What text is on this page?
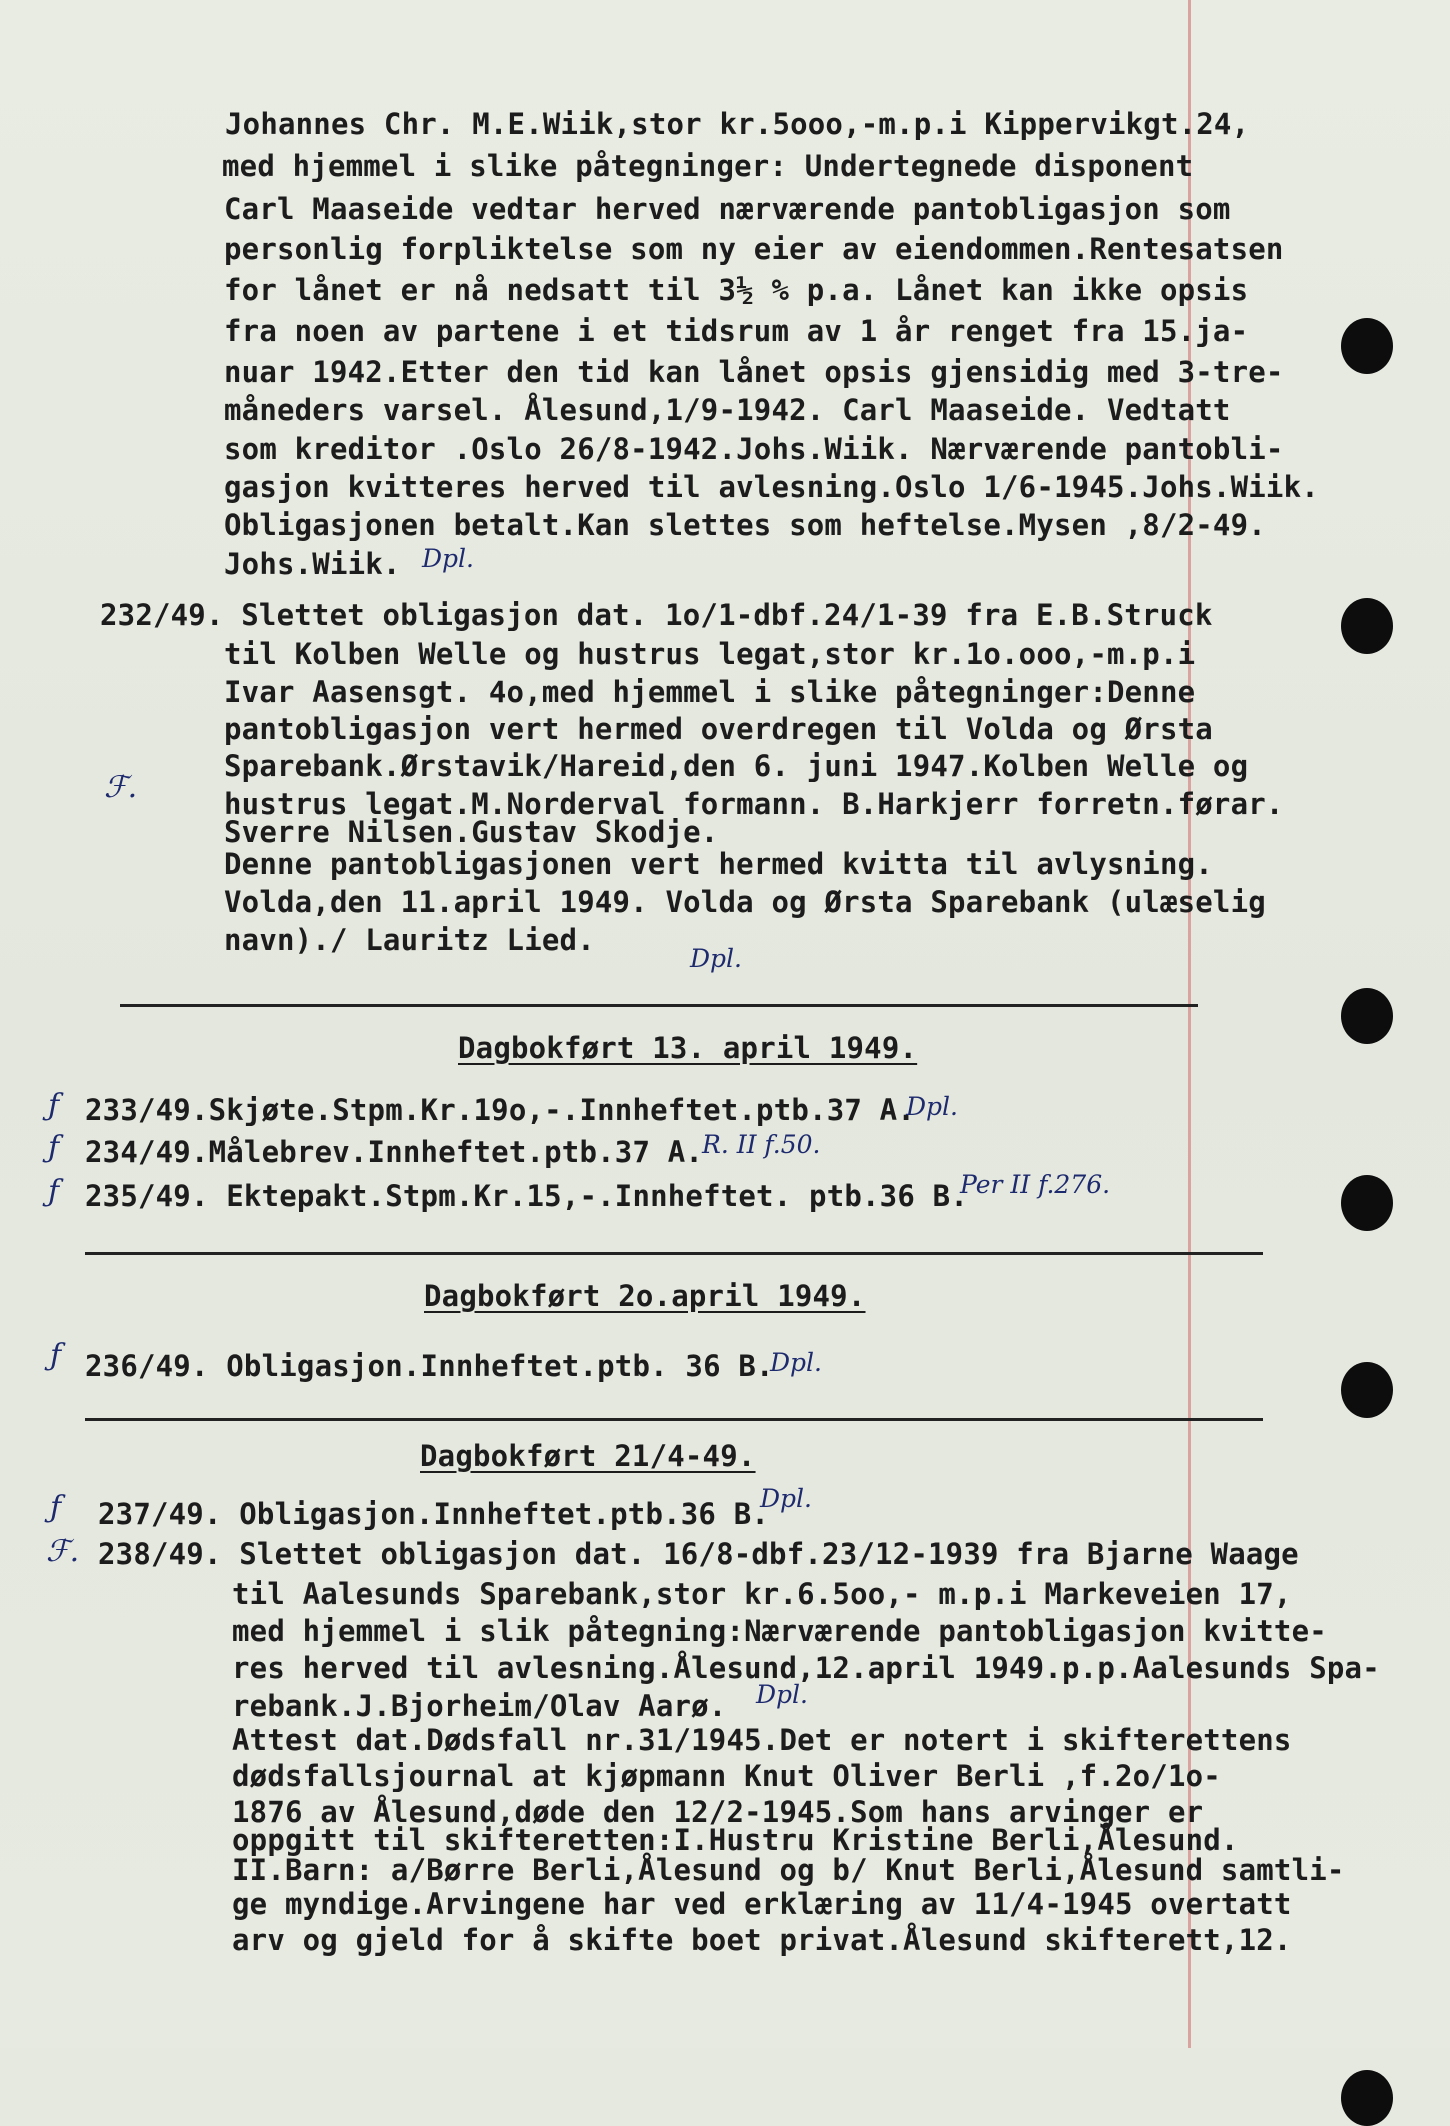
Johannes Chr. M.E.Wiik,stor kr.5ooo,-m.p.i Kippervikgt.24,
med hjemmel i slike påtegninger: Undertegnede disponent
Carl Maaseide vedtar herved nærværende pantobligasjon som
personlig forpliktelse som ny eier av eiendommen.Rentesatsen
for lånet er nå nedsatt til 3½ % p.a. Lånet kan ikke opsis
fra noen av partene i et tidsrum av 1 år renget fra 15.ja-
nuar 1942.Etter den tid kan lånet opsis gjensidig med 3-tre-
måneders varsel. Ålesund,1/9-1942. Carl Maaseide. Vedtatt
som kreditor .Oslo 26/8-1942.Johs.Wiik. Nærværende pantobli-
gasjon kvitteres herved til avlesning.Oslo 1/6-1945.Johs.Wiik.
Obligasjonen betalt.Kan slettes som heftelse.Mysen ,8/2-49.
Johs.Wiik. Dpl.
232/49. Slettet obligasjon dat. 1o/1-dbf.24/1-39 fra E.B.Struck
til Kolben Welle og hustrus legat,stor kr.1o.ooo,-m.p.i
Ivar Aasensgt. 4o,med hjemmel i slike påtegninger:Denne
pantobligasjon vert hermed overdregen til Volda og Ørsta
Sparebank.Ørstavik/Hareid,den 6. juni 1947.Kolben Welle og
hustrus legat.M.Norderval formann. B.Harkjerr forretn.førar.
Sverre Nilsen.Gustav Skodje.
Denne pantobligasjonen vert hermed kvitta til avlysning.
Volda,den 11.april 1949. Volda og Ørsta Sparebank (ulæselig
navn)./ Lauritz Lied.
Dpl.
ℱ.
Dagbokført 13. april 1949.
233/49.Skjøte.Stpm.Kr.19o,-.Innheftet.ptb.37 A.
Dpl.
234/49.Målebrev.Innheftet.ptb.37 A.
R. II f.50.
235/49. Ektepakt.Stpm.Kr.15,-.Innheftet. ptb.36 B.
Per II f.276.
ƒ
ƒ
ƒ
Dagbokført 2o.april 1949.
236/49. Obligasjon.Innheftet.ptb. 36 B.
Dpl.
ƒ
Dagbokført 21/4-49.
237/49. Obligasjon.Innheftet.ptb.36 B.
Dpl.
ƒ
ℱ. 238/49. Slettet obligasjon dat. 16/8-dbf.23/12-1939 fra Bjarne Waage
til Aalesunds Sparebank,stor kr.6.5oo,- m.p.i Markeveien 17,
med hjemmel i slik påtegning:Nærværende pantobligasjon kvitte-
res herved til avlesning.Ålesund,12.april 1949.p.p.Aalesunds Spa-
rebank.J.Bjorheim/Olav Aarø. Dpl.
Attest dat.Dødsfall nr.31/1945.Det er notert i skifterettens
dødsfallsjournal at kjøpmann Knut Oliver Berli ,f.2o/1o-
1876 av Ålesund,døde den 12/2-1945.Som hans arvinger er
oppgitt til skifteretten:I.Hustru Kristine Berli,Ålesund.
II.Barn: a/Børre Berli,Ålesund og b/ Knut Berli,Ålesund samtli-
ge myndige.Arvingene har ved erklæring av 11/4-1945 overtatt
arv og gjeld for å skifte boet privat.Ålesund skifterett,12.
